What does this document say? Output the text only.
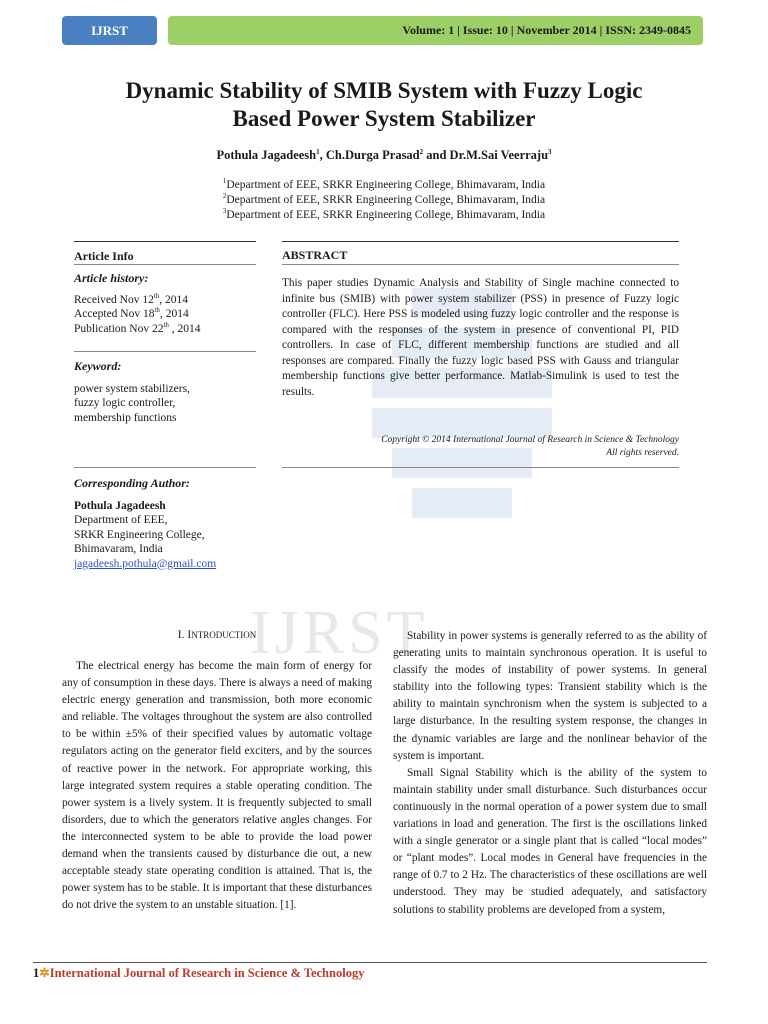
IJRST	Volume: 1 | Issue: 10 | November 2014 | ISSN: 2349-0845
Dynamic Stability of SMIB System with Fuzzy Logic
Based Power System Stabilizer
Pothula Jagadeesh$^1$, Ch.Durga Prasad$^2$ and Dr.M.Sai Veerraju$^3$
$^1$Department of EEE, SRKR Engineering College, Bhimavaram, India
$^2$Department of EEE, SRKR Engineering College, Bhimavaram, India
$^3$Department of EEE, SRKR Engineering College, Bhimavaram, India
IJRST
Article Info
Article history:
Received Nov 12th, 2014
Accepted Nov 18th, 2014
Publication Nov 22th , 2014
Keyword:
power system stabilizers,
fuzzy logic controller,
membership functions
Corresponding Author:
Pothula Jagadeesh
Department of EEE,
SRKR Engineering College,
Bhimavaram, India
jagadeesh.pothula@gmail.com
ABSTRACT
This paper studies Dynamic Analysis and Stability of Single machine connected to infinite bus (SMIB) with power system stabilizer (PSS) in presence of Fuzzy logic controller (FLC). Here PSS is modeled using fuzzy logic controller and the response is compared with the responses of the system in presence of conventional PI, PID controllers. In case of FLC, different membership functions are studied and all responses are compared. Finally the fuzzy logic based PSS with Gauss and triangular membership functions give better performance. Matlab-Simulink is used to test the results.
Copyright © 2014 International Journal of Research in Science & Technology
All rights reserved.
I. INTRODUCTION

The electrical energy has become the main form of energy for any of consumption in these days. There is always a need of making electric energy generation and transmission, both more economic and reliable. The voltages throughout the system are also controlled to be within ±5% of their specified values by automatic voltage regulators acting on the generator field exciters, and by the sources of reactive power in the network. For appropriate working, this large integrated system requires a stable operating condition. The power system is a lively system. It is frequently subjected to small disorders, due to which the generators relative angles changes. For the interconnected system to be able to provide the load power demand when the transients caused by disturbance die out, a new acceptable steady state operating condition is attained. That is, the power system has to be stable. It is important that these disturbances do not drive the system to an unstable situation. [1].

Stability in power systems is generally referred to as the ability of generating units to maintain synchronous operation. It is useful to classify the modes of instability of power systems. In general stability into the following types: Transient stability which is the ability to maintain synchronism when the system is subjected to a large disturbance. In the resulting system response, the changes in the dynamic variables are large and the nonlinear behavior of the system is important.

Small Signal Stability which is the ability of the system to maintain stability under small disturbance. Such disturbances occur continuously in the normal operation of a power system due to small variations in load and generation. The first is the oscillations linked with a single generator or a single plant that is called “local modes” or “plant modes”. Local modes in General have frequencies in the range of 0.7 to 2 Hz. The characteristics of these oscillations are well understood. They may be studied adequately, and satisfactory solutions to stability problems are developed from a system,

1✲International Journal of Research in Science & Technology
